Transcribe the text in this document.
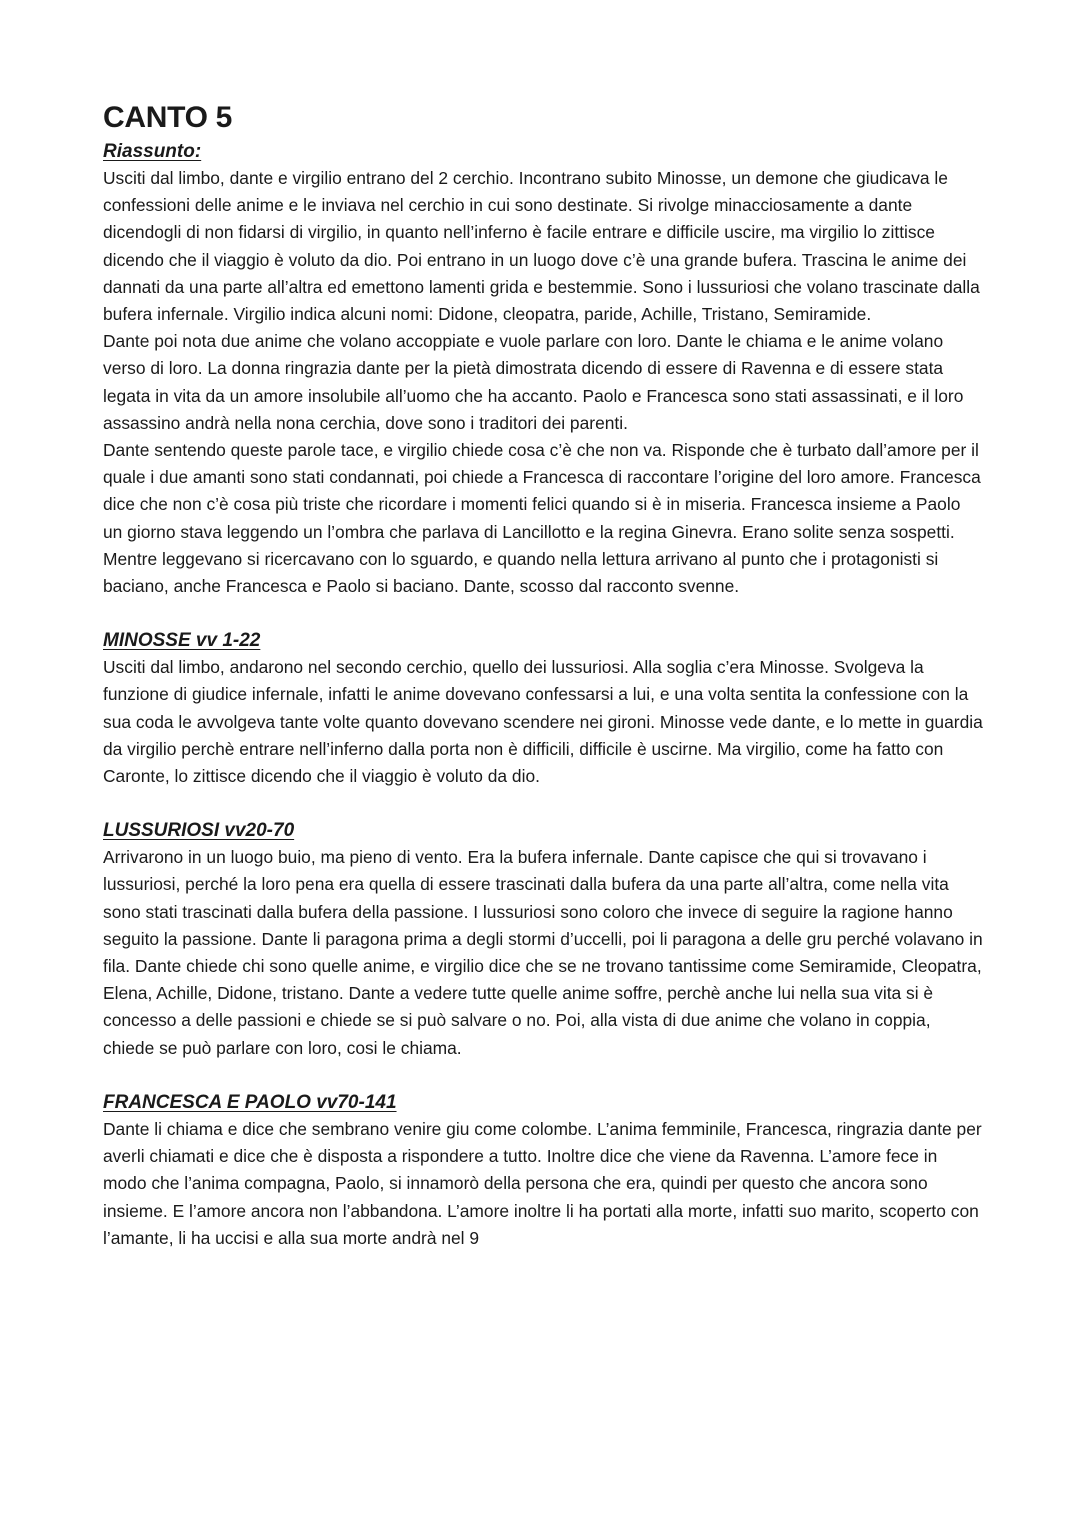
CANTO 5
Riassunto:

Usciti dal limbo, dante e virgilio entrano del 2 cerchio. Incontrano subito Minosse, un demone che giudicava le confessioni delle anime e le inviava nel cerchio in cui sono destinate. Si rivolge minacciosamente a dante dicendogli di non fidarsi di virgilio, in quanto nell’inferno è facile entrare e difficile uscire, ma virgilio lo zittisce dicendo che il viaggio è voluto da dio. Poi entrano in un luogo dove c’è una grande bufera. Trascina le anime dei dannati da una parte all’altra ed emettono lamenti grida e bestemmie. Sono i lussuriosi che volano trascinate dalla bufera infernale. Virgilio indica alcuni nomi: Didone, cleopatra, paride, Achille, Tristano, Semiramide.

Dante poi nota due anime che volano accoppiate e vuole parlare con loro. Dante le chiama e le anime volano verso di loro. La donna ringrazia dante per la pietà dimostrata dicendo di essere di Ravenna e di essere stata legata in vita da un amore insolubile all’uomo che ha accanto. Paolo e Francesca sono stati assassinati, e il loro assassino andrà nella nona cerchia, dove sono i traditori dei parenti.

Dante sentendo queste parole tace, e virgilio chiede cosa c’è che non va. Risponde che è turbato dall’amore per il quale i due amanti sono stati condannati, poi chiede a Francesca di raccontare l’origine del loro amore. Francesca dice che non c’è cosa più triste che ricordare i momenti felici quando si è in miseria. Francesca insieme a Paolo un giorno stava leggendo un l’ombra che parlava di Lancillotto e la regina Ginevra. Erano solite senza sospetti. Mentre leggevano si ricercavano con lo sguardo, e quando nella lettura arrivano al punto che i protagonisti si baciano, anche Francesca e Paolo si baciano. Dante, scosso dal racconto svenne.

MINOSSE vv 1-22

Usciti dal limbo, andarono nel secondo cerchio, quello dei lussuriosi. Alla soglia c’era Minosse. Svolgeva la funzione di giudice infernale, infatti le anime dovevano confessarsi a lui, e una volta sentita la confessione con la sua coda le avvolgeva tante volte quanto dovevano scendere nei gironi. Minosse vede dante, e lo mette in guardia da virgilio perchè entrare nell’inferno dalla porta non è difficili, difficile è uscirne. Ma virgilio, come ha fatto con Caronte, lo zittisce dicendo che il viaggio è voluto da dio.

LUSSURIOSI vv20-70

Arrivarono in un luogo buio, ma pieno di vento. Era la bufera infernale. Dante capisce che qui si trovavano i lussuriosi, perché la loro pena era quella di essere trascinati dalla bufera da una parte all’altra, come nella vita sono stati trascinati dalla bufera della passione. I lussuriosi sono coloro che invece di seguire la ragione hanno seguito la passione. Dante li paragona prima a degli stormi d’uccelli, poi li paragona a delle gru perché volavano in fila. Dante chiede chi sono quelle anime, e virgilio dice che se ne trovano tantissime come Semiramide, Cleopatra, Elena, Achille, Didone, tristano. Dante a vedere tutte quelle anime soffre, perchè anche lui nella sua vita si è concesso a delle passioni e chiede se si può salvare o no. Poi, alla vista di due anime che volano in coppia, chiede se può parlare con loro, cosi le chiama.

FRANCESCA E PAOLO vv70-141

Dante li chiama e dice che sembrano venire giu come colombe. L’anima femminile, Francesca, ringrazia dante per averli chiamati e dice che è disposta a rispondere a tutto. Inoltre dice che viene da Ravenna. L’amore fece in modo che l’anima compagna, Paolo, si innamorò della persona che era, quindi per questo che ancora sono insieme. E l’amore ancora non l’abbandona. L’amore inoltre li ha portati alla morte, infatti suo marito, scoperto con l’amante, li ha uccisi e alla sua morte andrà nel 9
